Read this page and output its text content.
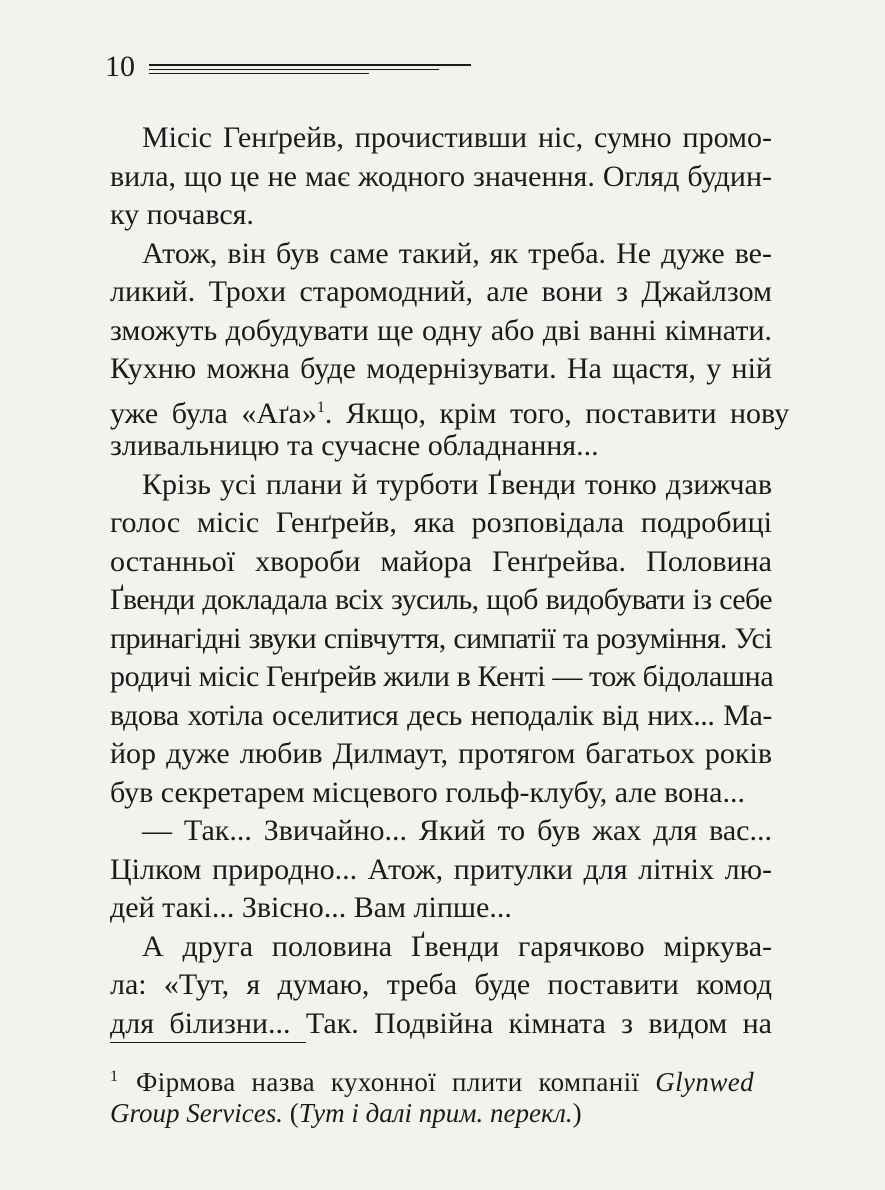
10
Місіс Генґрейв, прочистивши ніс, сумно промо-
вила, що це не має жодного значення. Огляд будин-
ку почався.
Атож, він був саме такий, як треба. Не дуже ве-
ликий. Трохи старомодний, але вони з Джайлзом
зможуть добудувати ще одну або дві ванні кімнати.
Кухню можна буде модернізувати. На щастя, у ній
уже була «Аґа»$^1$. Якщо, крім того, поставити нову
зливальницю та сучасне обладнання...
Крізь усі плани й турботи Ґвенди тонко дзижчав
голос місіс Генґрейв, яка розповідала подробиці
останньої хвороби майора Генґрейва. Половина
Ґвенди докладала всіх зусиль, щоб видобувати із себе
принагідні звуки співчуття, симпатії та розуміння. Усі
родичі місіс Генґрейв жили в Кенті — тож бідолашна
вдова хотіла оселитися десь неподалік від них... Ма-
йор дуже любив Дилмаут, протягом багатьох років
був секретарем місцевого гольф-клубу, але вона...
— Так... Звичайно... Який то був жах для вас...
Цілком природно... Атож, притулки для літніх лю-
дей такі... Звісно... Вам ліпше...
А друга половина Ґвенди гарячково міркува-
ла: «Тут, я думаю, треба буде поставити комод
для білизни... Так. Подвійна кімната з видом на
$^1$ Фірмова назва кухонної плити компанії Glynwed
Group Services. (Тут і далі прим. перекл.)
